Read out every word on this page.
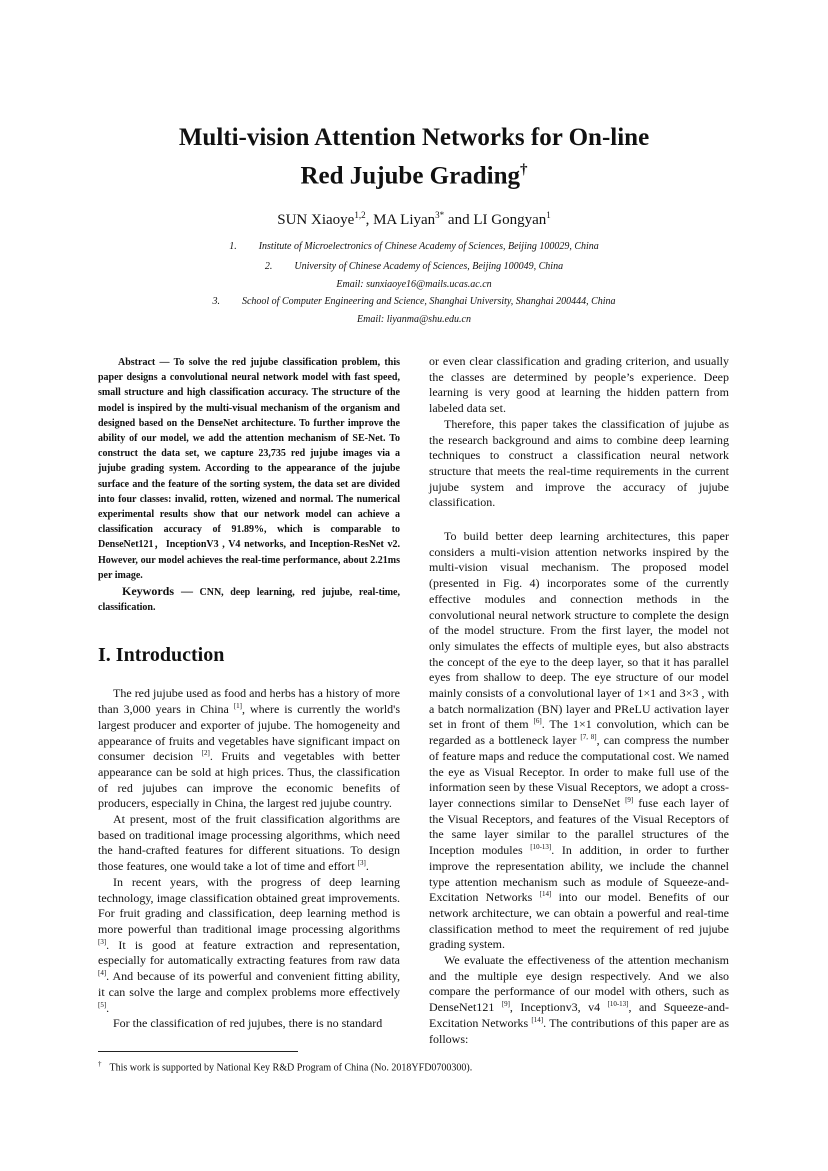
Multi-vision Attention Networks for On-line
Red Jujube Grading†
SUN Xiaoye$^{1,2}$, MA Liyan$^{3*}$ and LI Gongyan$^1$
1. Institute of Microelectronics of Chinese Academy of Sciences, Beijing 100029, China
2. University of Chinese Academy of Sciences, Beijing 100049, China
Email: sunxiaoye16@mails.ucas.ac.cn
3. School of Computer Engineering and Science, Shanghai University, Shanghai 200444, China
Email: liyanma@shu.edu.cn

Abstract — To solve the red jujube classification problem, this paper designs a convolutional neural network model with fast speed, small structure and high classification accuracy. The structure of the model is inspired by the multi-visual mechanism of the organism and designed based on the DenseNet architecture. To further improve the ability of our model, we add the attention mechanism of SE-Net. To construct the data set, we capture 23,735 red jujube images via a jujube grading system. According to the appearance of the jujube surface and the feature of the sorting system, the data set are divided into four classes: invalid, rotten, wizened and normal. The numerical experimental results show that our network model can achieve a classification accuracy of 91.89%, which is comparable to DenseNet121，InceptionV3 , V4 networks, and Inception-ResNet v2. However, our model achieves the real-time performance, about 2.21ms per image.

Keywords — CNN, deep learning, red jujube, real-time, classification.

I. Introduction

The red jujube used as food and herbs has a history of more than 3,000 years in China [1], where is currently the world's largest producer and exporter of jujube. The homogeneity and appearance of fruits and vegetables have significant impact on consumer decision [2]. Fruits and vegetables with better appearance can be sold at high prices. Thus, the classification of red jujubes can improve the economic benefits of producers, especially in China, the largest red jujube country.

At present, most of the fruit classification algorithms are based on traditional image processing algorithms, which need the hand-crafted features for different situations. To design those features, one would take a lot of time and effort [3].

In recent years, with the progress of deep learning technology, image classification obtained great improvements. For fruit grading and classification, deep learning method is more powerful than traditional image processing algorithms [3]. It is good at feature extraction and representation, especially for automatically extracting features from raw data [4]. And because of its powerful and convenient fitting ability, it can solve the large and complex problems more effectively [5].

For the classification of red jujubes, there is no standard

or even clear classification and grading criterion, and usually the classes are determined by people’s experience. Deep learning is very good at learning the hidden pattern from labeled data set.

Therefore, this paper takes the classification of jujube as the research background and aims to combine deep learning techniques to construct a classification neural network structure that meets the real-time requirements in the current jujube system and improve the accuracy of jujube classification.

To build better deep learning architectures, this paper considers a multi-vision attention networks inspired by the multi-vision visual mechanism. The proposed model (presented in Fig. 4) incorporates some of the currently effective modules and connection methods in the convolutional neural network structure to complete the design of the model structure. From the first layer, the model not only simulates the effects of multiple eyes, but also abstracts the concept of the eye to the deep layer, so that it has parallel eyes from shallow to deep. The eye structure of our model mainly consists of a convolutional layer of 1×1 and 3×3 , with a batch normalization (BN) layer and PReLU activation layer set in front of them [6]. The 1×1 convolution, which can be regarded as a bottleneck layer [7, 8], can compress the number of feature maps and reduce the computational cost. We named the eye as Visual Receptor. In order to make full use of the information seen by these Visual Receptors, we adopt a cross-layer connections similar to DenseNet [9] fuse each layer of the Visual Receptors, and features of the Visual Receptors of the same layer similar to the parallel structures of the Inception modules [10-13]. In addition, in order to further improve the representation ability, we include the channel type attention mechanism such as module of Squeeze-and-Excitation Networks [14] into our model. Benefits of our network architecture, we can obtain a powerful and real-time classification method to meet the requirement of red jujube grading system.

We evaluate the effectiveness of the attention mechanism and the multiple eye design respectively. And we also compare the performance of our model with others, such as DenseNet121 [9], Inceptionv3, v4 [10-13], and Squeeze-and-Excitation Networks [14]. The contributions of this paper are as follows:

† This work is supported by National Key R&D Program of China (No. 2018YFD0700300).
